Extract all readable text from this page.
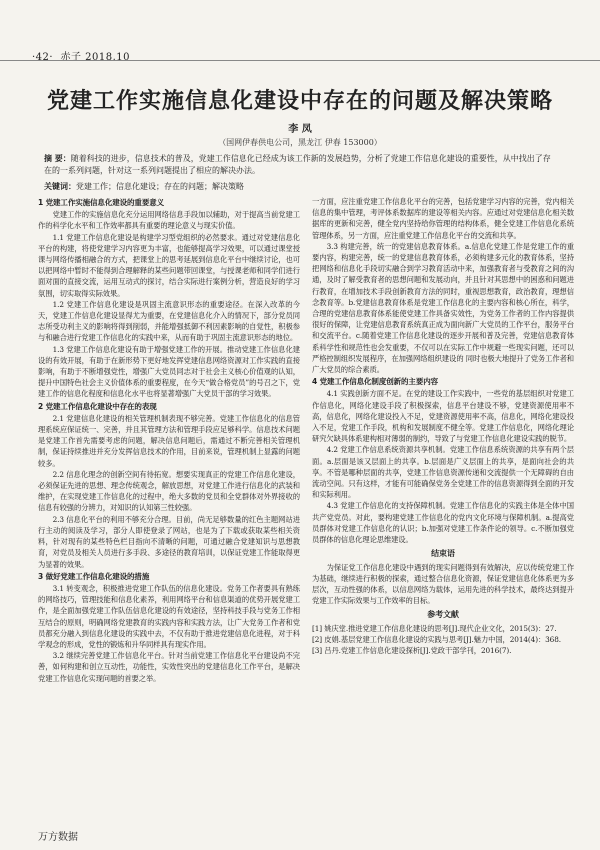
·42· 赤子 2018.10
党建工作实施信息化建设中存在的问题及解决策略
李 凤
（国网伊春供电公司，黑龙江 伊春 153000）
摘 要：随着科技的进步，信息技术的普及，党建工作信息化已经成为该工作新的发展趋势，分析了党建工作信息化建设的重要性，从中找出了存在的一系列问题，针对这一系列问题提出了相应的解决办法。
关键词：党建工作；信息化建设；存在的问题；解决策略
1 党建工作实施信息化建设的重要意义

党建工作的实施信息化充分运用网络信息手段加以辅助，对于提高当前党建工作的科学化水平和工作效率都具有重要的理论意义与现实价值。

1.1 党建工作信息化建设是构建学习型党组织的必然要求。通过对党建信息化平台的构建，将使党建学习内容更为丰富，也能够提高学习效果，可以通过课堂授课与网络传播相融合的方式，把课堂上的思考延展到信息化平台中继续讨论，也可以把网络中暂时不能得到合理解释的某些问题带回课堂，与授课老师和同学们进行面对面的直接交流，运用互动式的探讨，结合实际进行案例分析，营造良好的学习氛围，切实取得实际效果。

1.2 党建工作信息化建设是巩固主流意识形态的重要途径。在深入改革的今天，党建工作信息化建设显得尤为重要，在党建信息化介入的情况下，部分党员同志所受功利主义的影响将得到削弱，并能增强抵御不利因素影响的自觉性，积极参与和融合进行党建工作信息化的实践中来，从而有助于巩固主流意识形态的地位。

1.3 党建工作信息化建设有助于增强党建工作的开展。推动党建工作信息化建设的有效开展，有助于在新形势下更好地发挥党建信息网络资源对工作实践的直接影响，有助于不断增强党性，增强广大党员同志对于社会主义核心价值观的认知，提升中国特色社会主义价值体系的重要程度，在今天“做合格党员”的号召之下，党建工作的信息化程度和信息化水平也将显著增强广大党员干部的学习效果。

2 党建工作信息化建设中存在的表现

2.1 党建信息化建设的相关管理机制表现不够完善。党建工作信息化的信息管理系统应保证统一、完善，并且其管理方法和管理手段应足够科学。信息技术问题是党建工作首先需要考虑的问题，解决信息问题后，需通过不断完善相关管理机制，保证持续推进并充分发挥信息技术的作用，目前来说，管理机制上显露的问题较多。

2.2 信息化理念的创新空间有待拓宽。想要实现真正的党建工作信息化建设，必须保证先进的思想、理念传统观念，解放思想，对党建工作进行信息化的武装和维护，在实现党建工作信息化的过程中，绝大多数的党员和全党群体对外界接收的信息有较强的分辨力，对知识的认知第三性较强。

2.3 信息化平台的利用不够充分合理。目前，尚无足够数量的红色主题网站进行主动的阅读及学习，部分人即使登录了网站，也是为了下载或获取某些相关资料，针对现有的某些特色栏目指向不清晰的问题，可通过融合党建知识与思想教育，对党员及相关人员进行多手段、多途径的教育培训，以保证党建工作能取得更为显著的效果。

3 做好党建工作信息化建设的措施

3.1 转变观念，积极推进党建工作队伍的信息化建设。党务工作者要具有熟练的网络技巧，管理技能和信息化素养，利用网络平台和信息渠道的优势开展党建工作，是全面加强党建工作队伍信息化建设的有效途径，坚持科技手段与党务工作相互结合的原则，明确网络党建教育的实践内容和实践方法，让广大党务工作者和党员都充分融入到信息化建设的实践中去，不仅有助于推进党建信息化进程，对于科学观念的形成，党性的锻炼和升华同样具有现实作用。

3.2 继续完善党建工作信息化平台。针对当前党建工作信息化平台建设尚不完善，如何构建和创立互动性，功能性，实效性突出的党建信息化工作平台，是解决党建工作信息化实现问题的首要之举。

一方面，应注重党建工作信息化平台的完善，包括党建学习内容的完善，党内相关信息的集中管理，考评体系数据库的建设等相关内容。应通过对党建信息化相关数据库的更新和完善，健全党内坚持给你管理的结构体系，健全党建工作信息化系统管理体系，另一方面，应注重党建工作信息化平台的交流和共享。

3.3 构建完善，统一的党建信息教育体系。a.信息化党建工作是党建工作的重要内容，构建完善，统一的党建信息教育体系，必须构建多元化的教育体系，坚持把网络和信息化手段切实融合到学习教育活动中来，加强教育者与受教育之间的沟通，及时了解受教育者的思想问题和发展动向，并且针对其思想中的困惑和问题进行教育，在增加技术手段创新教育方法的同时，重视思想教育，政治教育，理想信念教育等。b.党建信息教育体系是党建工作信息化的主要内容和核心所在，科学，合理的党建信息教育体系能使党建工作具备实效性，为党务工作者的工作内容提供很好的保障，让党建信息教育系统真正成为面向新广大党员的工作平台，服务平台和交流平台。c.随着党建工作信息化建设的逐步开展和普及完善，党建信息教育体系科学性和规范性也会发重要，不仅可以在实际工作中规避一些现实问题，还可以严格控制组织发展程序，在加强网络组织建设的 同时也极大地提升了党务工作者和广大党员的综合素质。

4 党建工作信息化制度创新的主要内容

4.1 实践创新方面不足。在党的建设工作实践中，一些党的基层组织对党建工作信息化，网络化建设手段了积极探索，信息平台建设不够，党建资源使用率不高，信息化，网络化建设投入不足，党建资源使用率不高，信息化，网络化建设投入不足，党建工作手段，机构和发展制度不健全等。党建工作信息化，网络化理论研究欠缺具体系建构相对薄弱的制约，导致了与党建工作信息化建设实践的脱节。

4.2 党建工作信息系统资源共享机制。党建工作信息系统资源的共享有两个层面。a.层面是该又层面上的共享。b.层面是广义层面上的共享，是面向社会的共享。不管是哪种层面的共享，党建工作信息资源传递和交流提供一个无障碍的自由流动空间。只有这样，才能有可能确保党务全党建工作的信息资源得到全面的开发和实际利用。

4.3 党建工作信息化的支持保障机制。党建工作信息化的实践主体是全体中国共产党党员。对此，要构建党建工作信息化的党内文化环境与保障机制。a.提高党员群体对党建工作信息化的认识；b.加强对党建工作条件论的领导。c.不断加强党员群体的信息化理论思维建设。

结束语

为保证党工作信息化建设中遇到的现实问题得到有效解决，应以传统党建工作为基础，继续进行积极的探索，通过整合信息化资源，保证党建信息化体系更为多层次，互动性强的体系，以信息网络为载体，运用先进的科学技术，最终达到提升党建工作实际效果与工作效率的目标。

参考文献
[1] 姚庆堂.推进党建工作信息化建设的思考[J].现代企业文化，2015(3)：27.
[2] 皮娟.基层党建工作信息化建设的实践与思考[J].魅力中国，2014(4)：368.
[3] 吕丹.党建工作信息化建设探析[J].党政干部学刊，2016(7).
万方数据
